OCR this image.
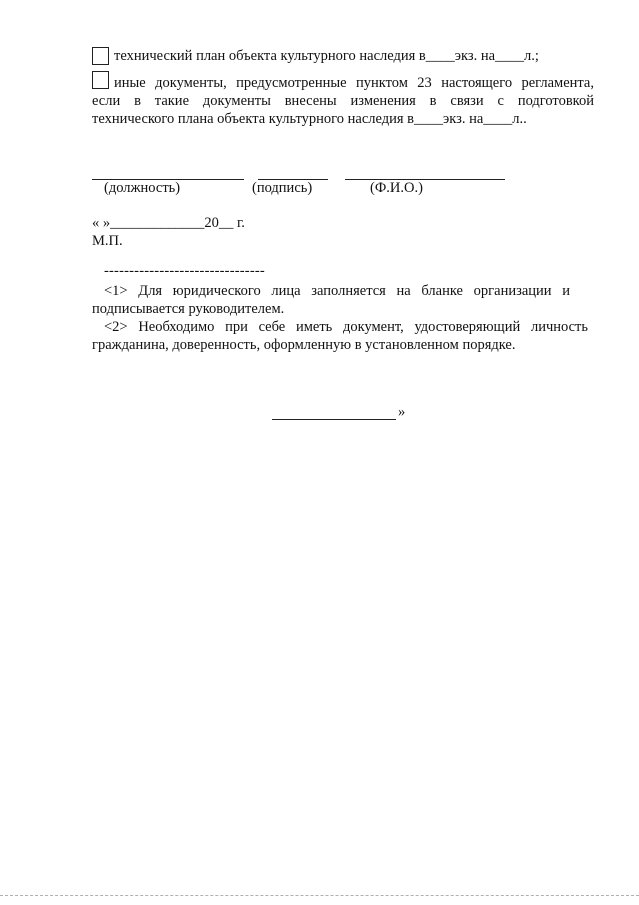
технический план объекта культурного наследия в____экз. на____л.;
иные документы, предусмотренные пунктом 23 настоящего регламента,
если в такие документы внесены изменения в связи с подготовкой
технического плана объекта культурного наследия в____экз. на____л..
(должность)	(подпись)	(Ф.И.О.)
« »_____________20__ г.
М.П.
--------------------------------
<1> Для юридического лица заполняется на бланке организации и
подписывается руководителем.
<2> Необходимо при себе иметь документ, удостоверяющий личность
гражданина, доверенность, оформленную в установленном порядке.
»
